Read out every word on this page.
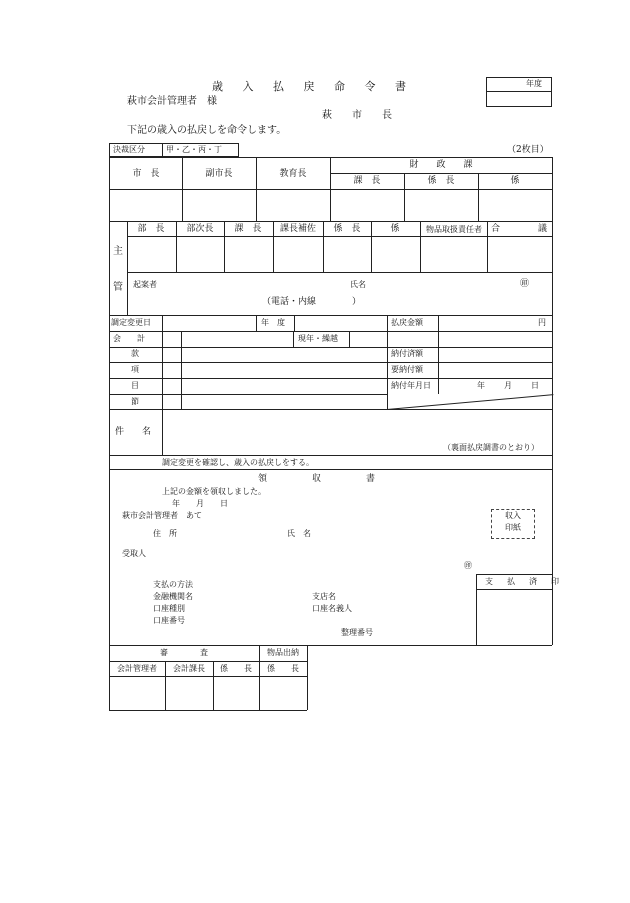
歳 入 払 戻 命 令 書	年度
萩市会計管理者　様
萩　　市　　長
下記の歳入の払戻しを命令します。
（2枚目）
決裁区分	甲・乙・丙・丁
市　長	副市長	教育長
財　　政　　課
課　長	係　長	係
主
管
部　長 部次長 課　長 課長補佐 係　長	係	物品取扱責任者 合	議
起案者	氏名	㊞
（電話・内線　　　　）
調定変更日	年　度	払戻金額	円
会　　計	現年・繰越
款	納付済額
項	要納付額
目	納付年月日	年 月 日
節
件　　名
（裏面払戻調書のとおり）
調定変更を確認し、歳入の払戻しをする。
支　払　済　印
領　　　　　収　　　　　書
上記の金額を領収しました。
年　　月　　日
萩市会計管理者　あて	収入
印紙
住　所	氏　名
受取人
㊞
支払の方法
金融機関名	支店名
口座種別	口座名義人
口座番号
整理番号
審　　　　査	物品出納
会計管理者 会計課長 係　　長 係　　長
